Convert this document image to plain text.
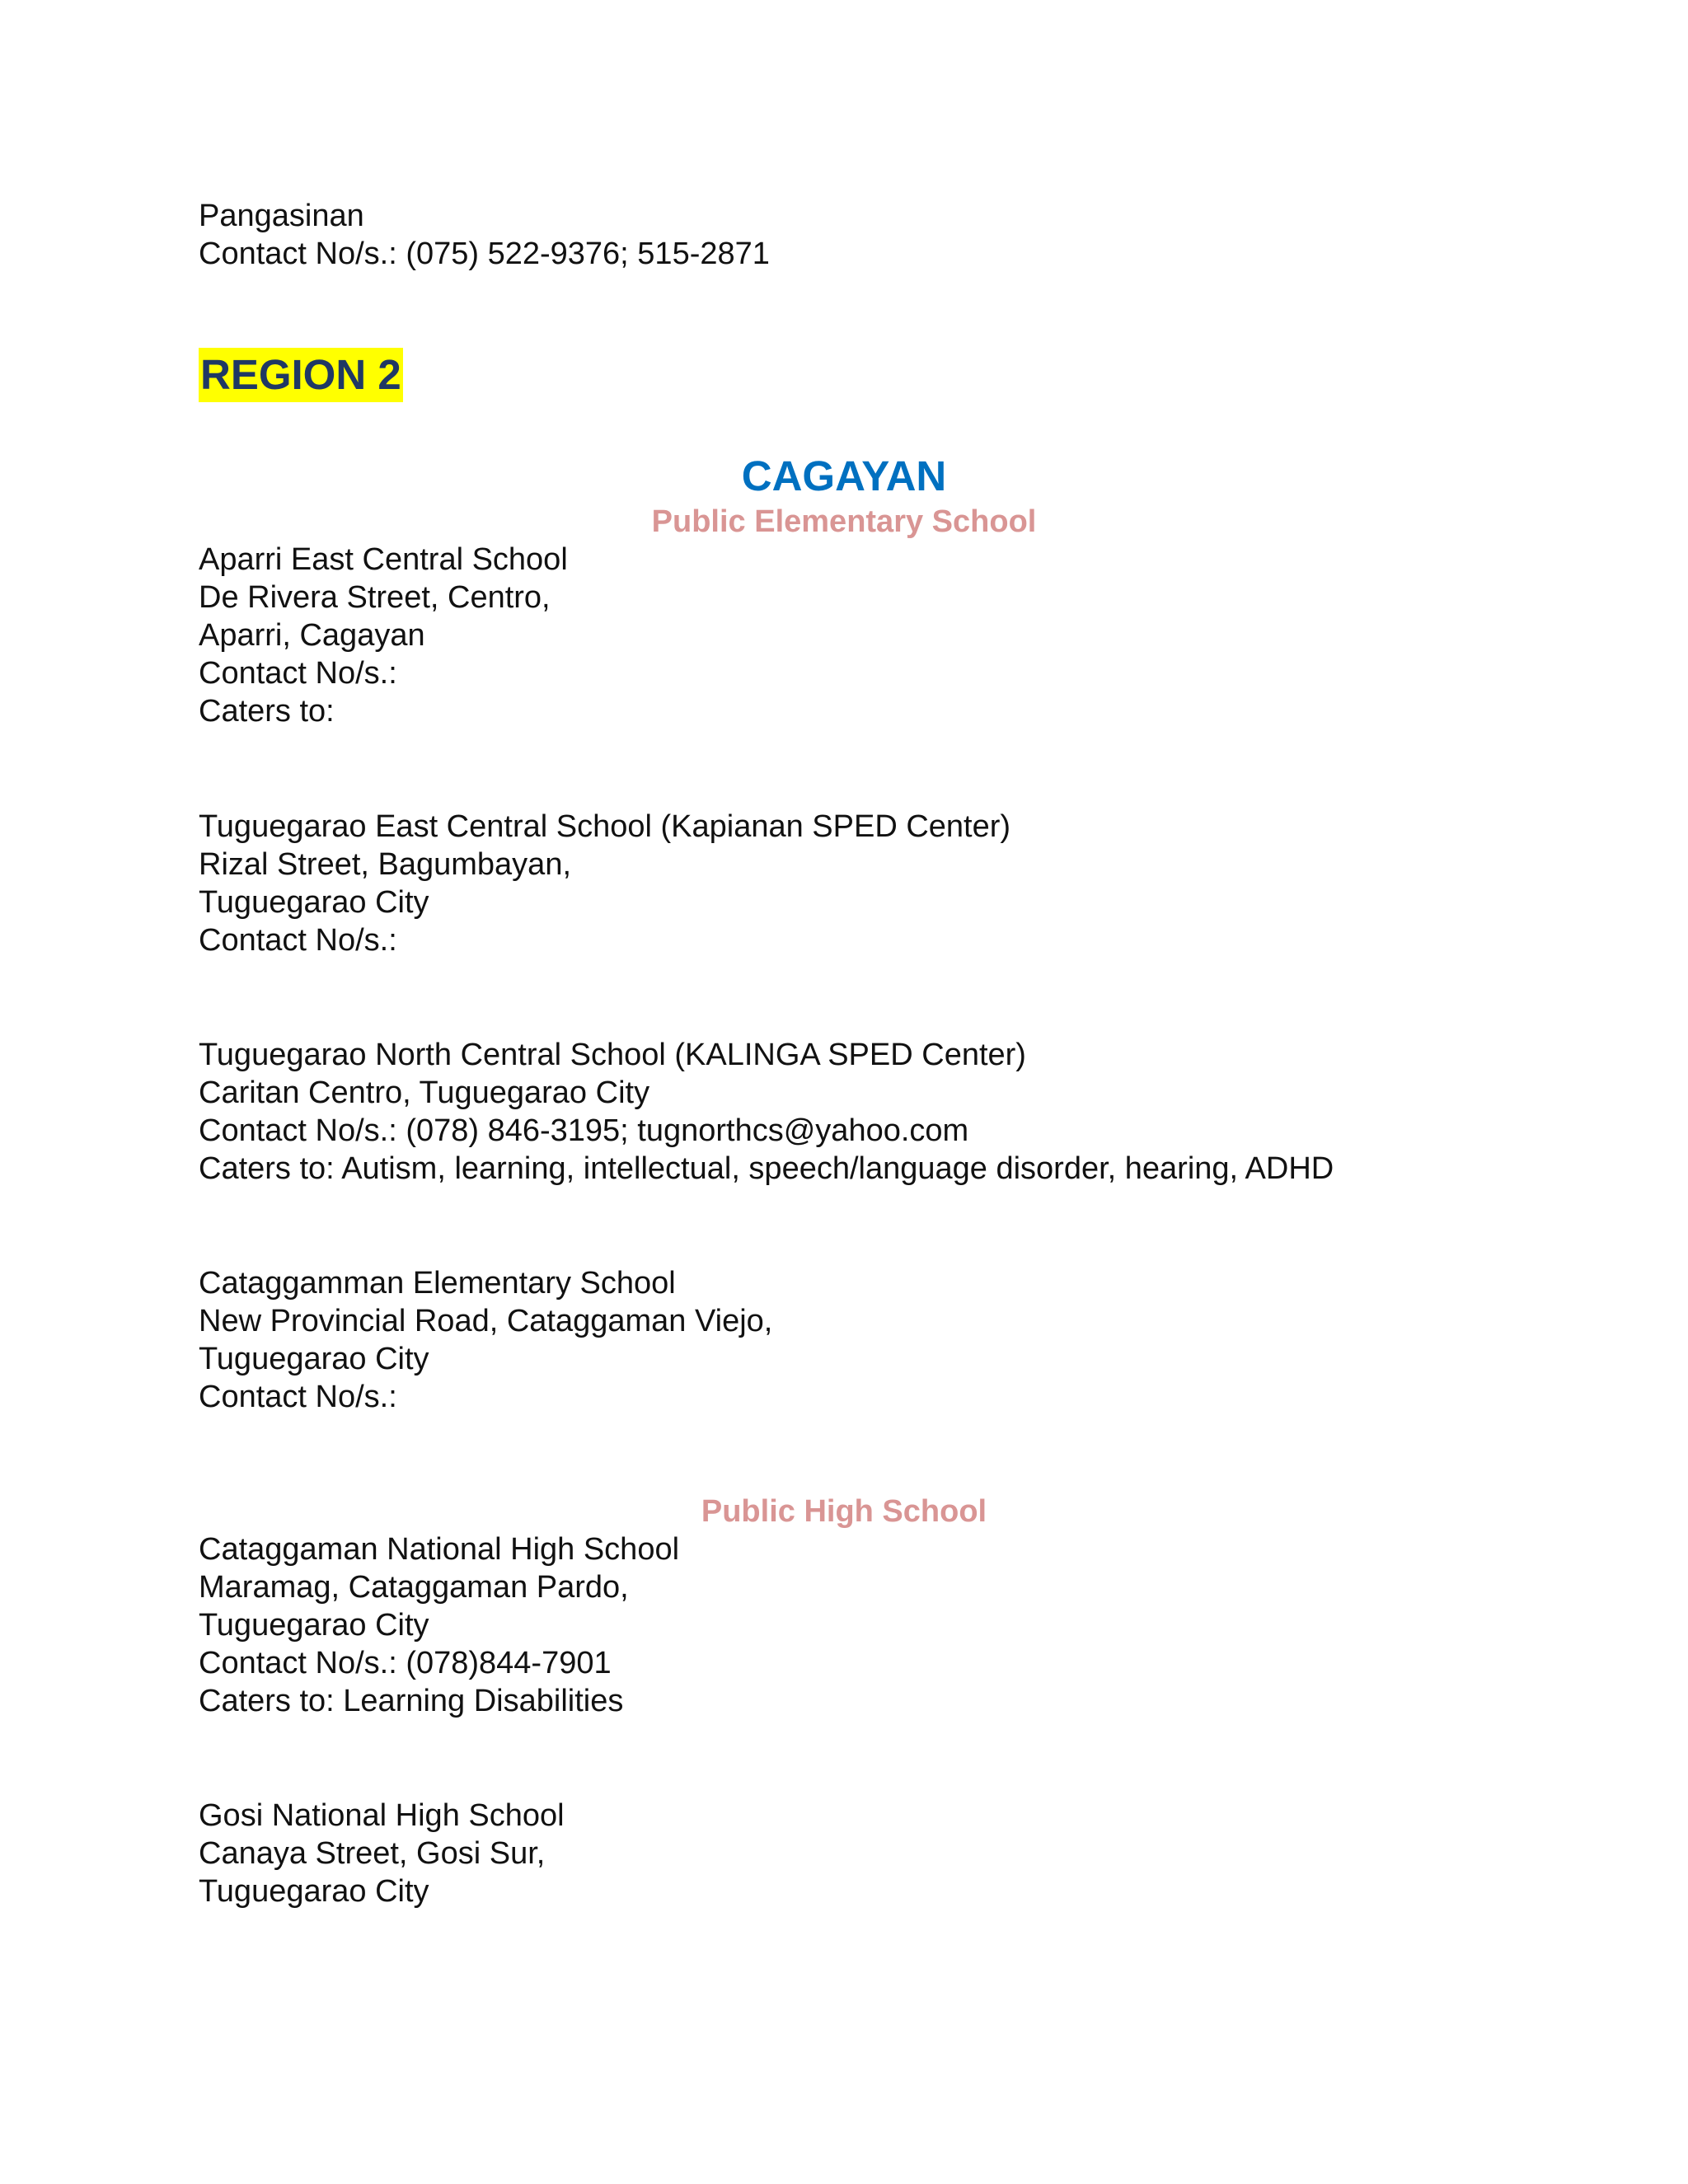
Pangasinan
Contact No/s.: (075) 522-9376; 515-2871
REGION 2
CAGAYAN
Public Elementary School
Aparri East Central School
De Rivera Street, Centro,
Aparri, Cagayan
Contact No/s.:
Caters to:
Tuguegarao East Central School (Kapianan SPED Center)
Rizal Street, Bagumbayan,
Tuguegarao City
Contact No/s.:
Tuguegarao North Central School (KALINGA SPED Center)
Caritan Centro, Tuguegarao City
Contact No/s.: (078) 846-3195; tugnorthcs@yahoo.com
Caters to: Autism, learning, intellectual, speech/language disorder, hearing, ADHD
Cataggamman Elementary School
New Provincial Road, Cataggaman Viejo,
Tuguegarao City
Contact No/s.:
Public High School
Cataggaman National High School
Maramag, Cataggaman Pardo,
Tuguegarao City
Contact No/s.: (078)844-7901
Caters to: Learning Disabilities
Gosi National High School
Canaya Street, Gosi Sur,
Tuguegarao City
